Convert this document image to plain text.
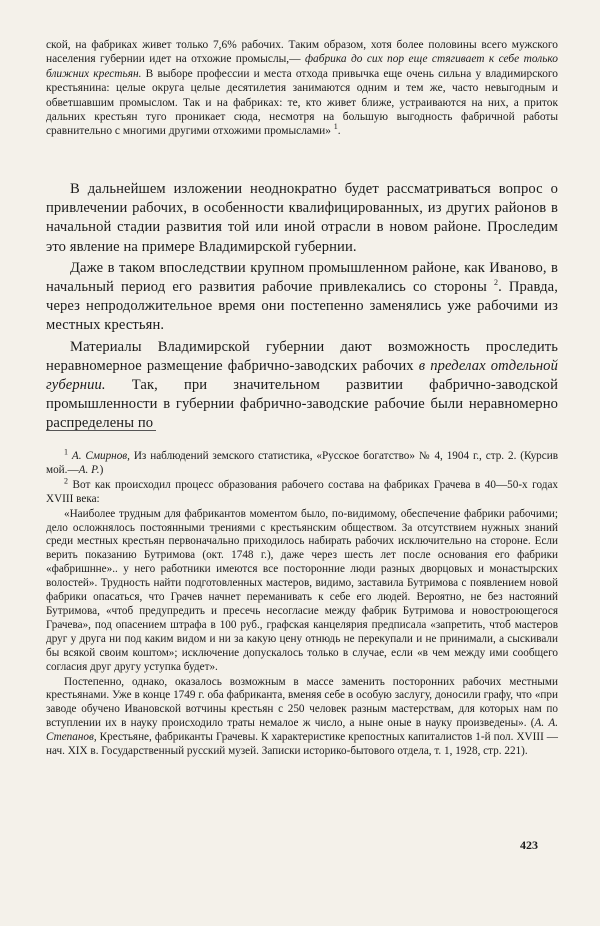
ской, на фабриках живет только 7,6% рабочих. Таким образом, хотя более половины всего мужского населения губернии идет на отхожие промыслы,— фабрика до сих пор еще стягивает к себе только ближних крестьян. В выборе профессии и места отхода привычка еще очень сильна у владимирского крестьянина: целые округа целые десятилетия занимаются одним и тем же, часто невыгодным и обветшавшим промыслом. Так и на фабриках: те, кто живет ближе, устраиваются на них, а приток дальних крестьян туго проникает сюда, несмотря на большую выгодность фабричной работы сравнительно с многими другими отхожими промыслами» $^1$.

В дальнейшем изложении неоднократно будет рассматриваться вопрос о привлечении рабочих, в особенности квалифицированных, из других районов в начальной стадии развития той или иной отрасли в новом районе. Проследим это явление на примере Владимирской губернии.

Даже в таком впоследствии крупном промышленном районе, как Иваново, в начальный период его развития рабочие привлекались со стороны $^2$. Правда, через непродолжительное время они постепенно заменялись уже рабочими из местных крестьян.

Материалы Владимирской губернии дают возможность проследить неравномерное размещение фабрично-заводских рабочих в пределах отдельной губернии. Так, при значительном развитии фабрично-заводской промышленности в губернии фабрично-заводские рабочие были неравномерно распределены по

$^1$ А. Смирнов, Из наблюдений земского статистика, «Русское богатство» № 4, 1904 г., стр. 2. (Курсив мой.—А. Р.)

$^2$ Вот как происходил процесс образования рабочего состава на фабриках Грачева в 40—50-х годах XVIII века:

«Наиболее трудным для фабрикантов моментом было, по-видимому, обеспечение фабрики рабочими; дело осложнялось постоянными трениями с крестьянским обществом. За отсутствием нужных знаний среди местных крестьян первоначально приходилось набирать рабочих исключительно на стороне. Если верить показанию Бутримова (окт. 1748 г.), даже через шесть лет после основания его фабрики «фабришнне».. у него работники имеются все посторонние люди разных дворцовых и монастырских волостей». Трудность найти подготовленных мастеров, видимо, заставила Бутримова с появлением новой фабрики опасаться, что Грачев начнет переманивать к себе его людей. Вероятно, не без настояний Бутримова, «чтоб предупредить и пресечь несогласие между фабрик Бутримова и новостроющегося Грачева», под опасением штрафа в 100 руб., графская канцелярия предписала «запретить, чтоб мастеров друг у друга ни под каким видом и ни за какую цену отнюдь не перекупали и не принимали, а сыскивали бы всякой своим коштом»; исключение допускалось только в случае, если «в чем между ими сообщего согласия друг другу уступка будет».

Постепенно, однако, оказалось возможным в массе заменить посторонних рабочих местными крестьянами. Уже в конце 1749 г. оба фабриканта, вменяя себе в особую заслугу, доносили графу, что «при заводе обучено Ивановской вотчины крестьян с 250 человек разным мастерствам, для которых нам по вступлении их в науку происходило траты немалое ж число, а ныне оные в науку произведены». (А. А. Степанов, Крестьяне, фабриканты Грачевы. К характеристике крепостных капиталистов 1-й пол. XVIII — нач. XIX в. Государственный русский музей. Записки историко-бытового отдела, т. 1, 1928, стр. 221).

423
